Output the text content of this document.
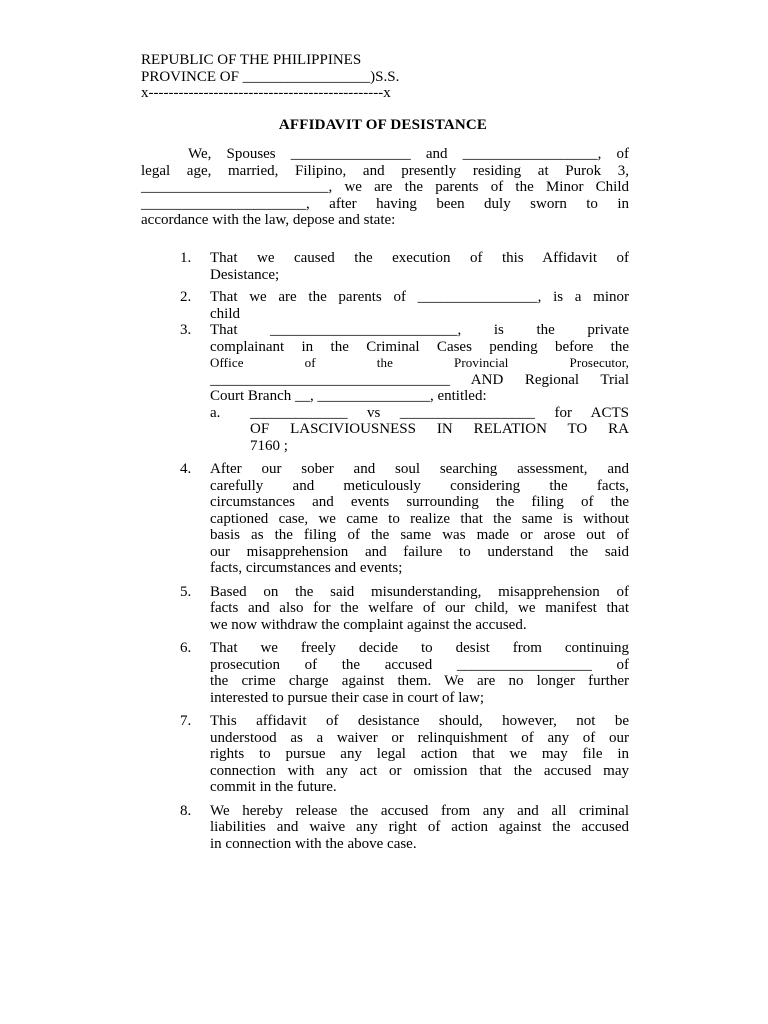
REPUBLIC OF THE PHILIPPINES
PROVINCE OF _________________)S.S.
x-----------------------------------------------x
AFFIDAVIT OF DESISTANCE
We, Spouses ________________ and __________________, of
legal age, married, Filipino, and presently residing at Purok 3,
_________________________, we are the parents of the Minor Child
______________________, after having been duly sworn to in
accordance with the law, depose and state:
1. That we caused the execution of this Affidavit of
Desistance;
2. That we are the parents of ________________, is a minor
child
3. That _________________________, is the private
complainant in the Criminal Cases pending before the
Office of the Provincial Prosecutor,
________________________________ AND Regional Trial
Court Branch __, _______________, entitled:
a. _____________ vs __________________ for ACTS
OF LASCIVIOUSNESS IN RELATION TO RA
7160 ;
4. After our sober and soul searching assessment, and
carefully and meticulously considering the facts,
circumstances and events surrounding the filing of the
captioned case, we came to realize that the same is without
basis as the filing of the same was made or arose out of
our misapprehension and failure to understand the said
facts, circumstances and events;
5. Based on the said misunderstanding, misapprehension of
facts and also for the welfare of our child, we manifest that
we now withdraw the complaint against the accused.
6. That we freely decide to desist from continuing
prosecution of the accused __________________ of
the crime charge against them. We are no longer further
interested to pursue their case in court of law;
7. This affidavit of desistance should, however, not be
understood as a waiver or relinquishment of any of our
rights to pursue any legal action that we may file in
connection with any act or omission that the accused may
commit in the future.
8. We hereby release the accused from any and all criminal
liabilities and waive any right of action against the accused
in connection with the above case.
